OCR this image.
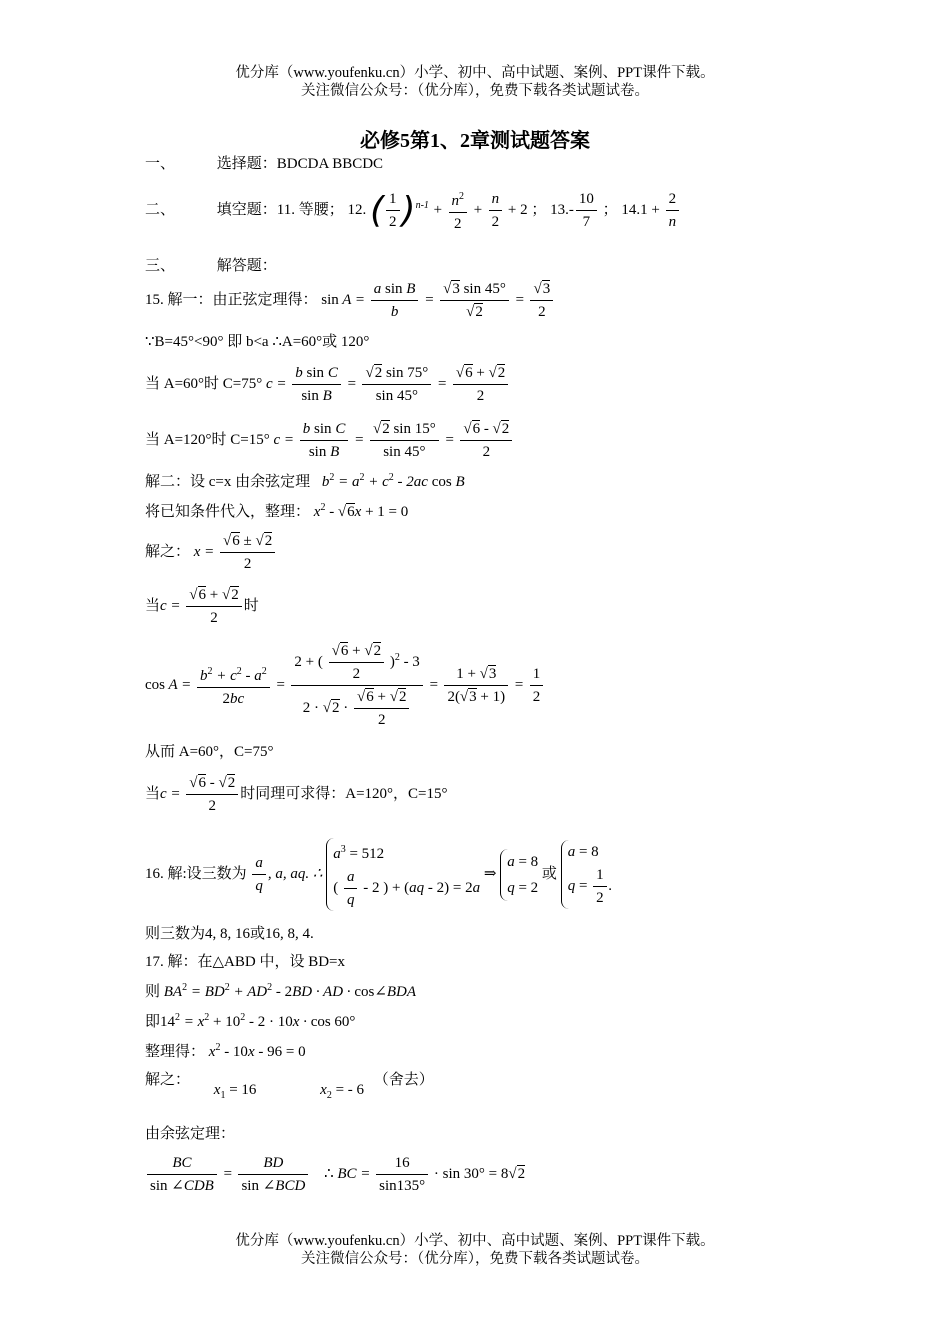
优分库（www.youfenku.cn）小学、初中、高中试题、案例、PPT课件下载。
关注微信公众号：（优分库），免费下载各类试题试卷。
必修5第1、2章测试题答案
一、	选择题：BDCDA BBCDC
二、	填空题：11. 等腰； 12. ( $\frac{1}{2} )^{n-1} + \frac{n^2}{2} + \frac{n}{2} + 2$ ； $13.- \frac{10}{7}$ ； $14.1 + \frac{2}{n}$
三、	解答题：
15. 解一：由正弦定理得： $\sin A = \frac{\text{a sin B}}{b} = \frac{√3 \sin 45^\circ}{√2} = \frac{√3}{2}$
∵B=45°<90° 即 b<a ∴A=60°或 120°
当 A=60°时 C=75° $c = \frac{\text{b sin C}}{\text{sin B}} = \frac{√2 \sin 75^\circ}{\sin 45^\circ} = \frac{√6 + √2}{2}$
当 A=120°时 C=15° $c = \frac{\text{b sin C}}{\text{sin B}} = \frac{√2 \sin 15^\circ}{\sin 45^\circ} = \frac{√6 - √2}{2}$
解二：设 c=x 由余弦定理 $b^2 = a^2 + c^2 - 2ac$ cos B
将已知条件代入，整理： $x^2 - √6x + 1 = 0$
解之： $x = \frac{√6 \pm √2}{2}$
当$c = \frac{√6 + √2}{2}$ 时
$\cos A = \frac{b^2 + c^2 - a^2}{2bc} = \frac{2 + ( \frac{√6 + √2}{2} )^2 - 3}{2 \cdot √2 \cdot \frac{√6 + √2}{2}} = \frac{1 + √3}{2(√3 + 1)} = \frac{1}{2}$
从而 A=60°，C=75°
当$c = \frac{√6 - √2}{2}$ 时同理可求得：A=120°，C=15°
16. 解:设三数为 $\frac{a}{q}$ , a, aq. ∴
$a^3 = 512$
( $\frac{a}{q} - 2$ ) + (aq - 2) = 2a
⇒
a = 8
q = 2
或
a = 8
$q = \frac{1}{2}$ .
则三数为4, 8, 16或16, 8, 4.
17. 解：在△ABD 中，设 BD=x
则 $BA^2 = BD^2 + AD^2 - 2BD$ · AD · cos∠BDA
即$14^2 = x^2 + 10^2 - 2 \cdot 10x \cdot \cos 60^\circ$
整理得： $x^2 - 10x - 96 = 0$
解之： $x_1 = 16$	$x_2$ = - 6 （舍去）
由余弦定理：
$\frac{BC}{\text{sin ∠CDB}} = \frac{BD}{\text{sin ∠BCD}}$ ∴ BC = $\frac{16}{\sin 135^\circ} \cdot \sin 30^\circ = 8√2$
优分库（www.youfenku.cn）小学、初中、高中试题、案例、PPT课件下载。
关注微信公众号：（优分库），免费下载各类试题试卷。
